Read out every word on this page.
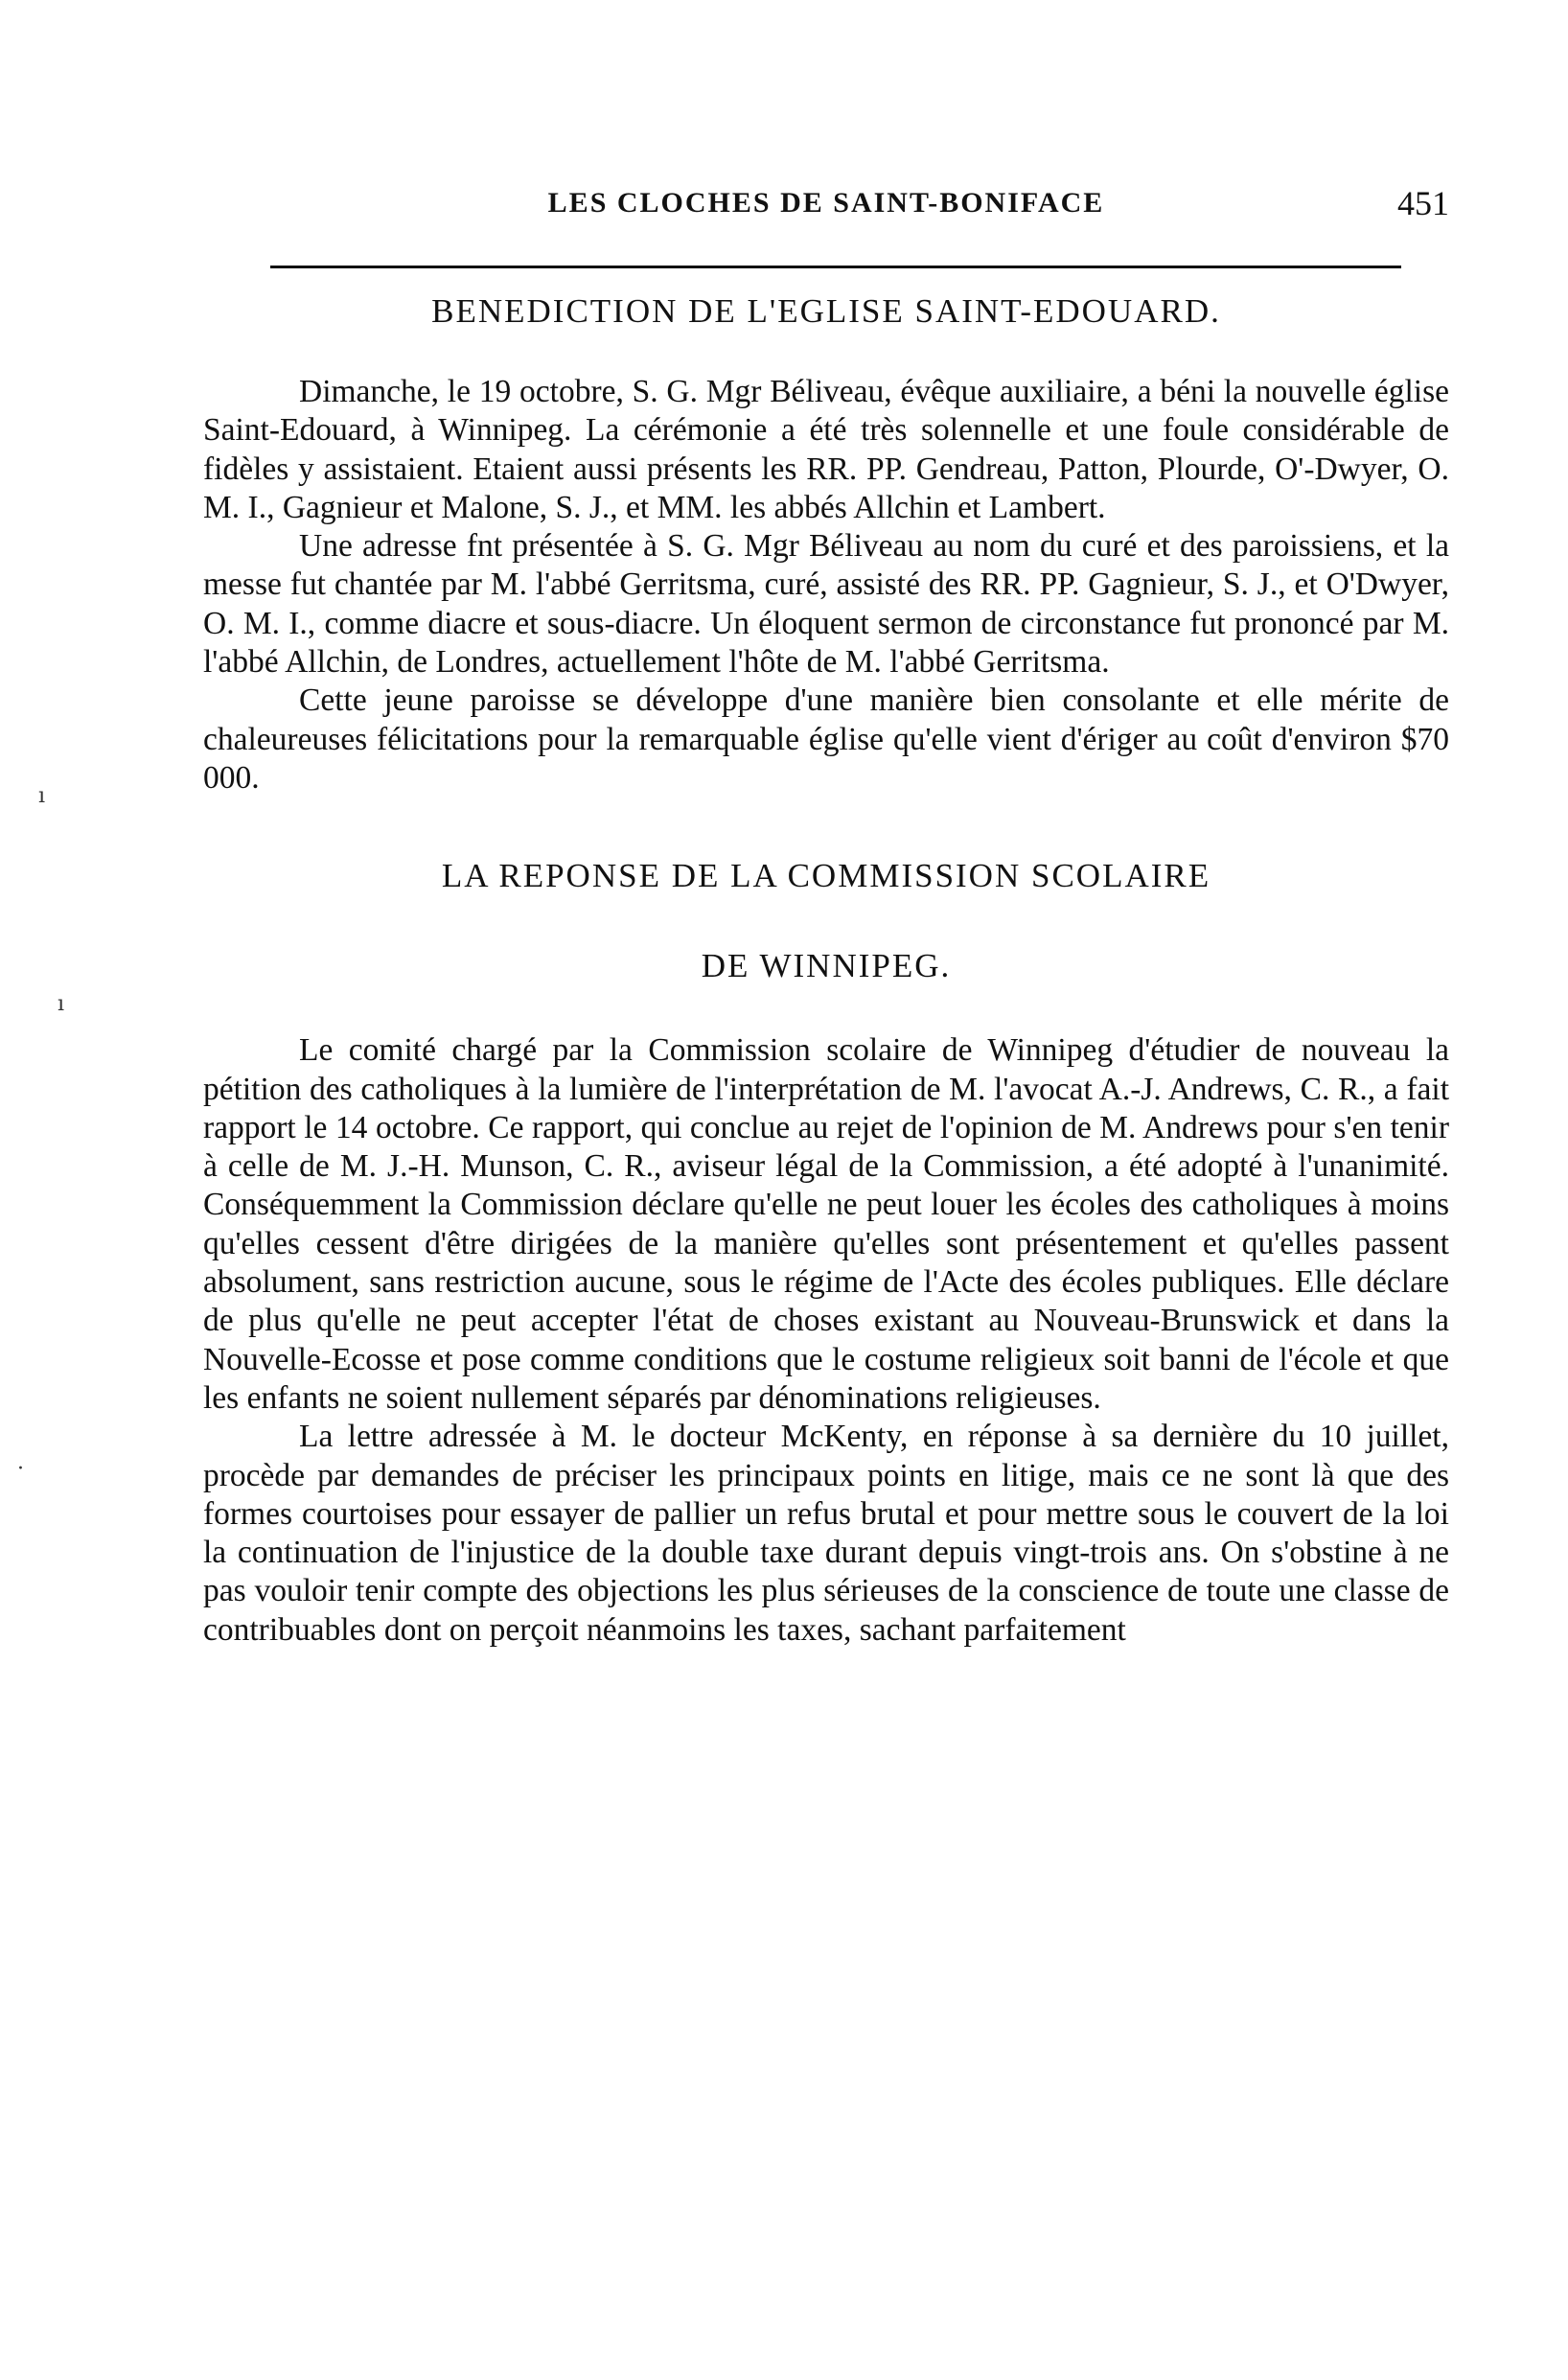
LES CLOCHES DE SAINT-BONIFACE	451
BENEDICTION DE L'EGLISE SAINT-EDOUARD.

Dimanche, le 19 octobre, S. G. Mgr Béliveau, évêque auxiliaire, a béni la nouvelle église Saint-Edouard, à Winnipeg. La cérémonie a été très solennelle et une foule considérable de fidèles y assistaient. Etaient aussi présents les RR. PP. Gendreau, Patton, Plourde, O'-Dwyer, O. M. I., Gagnieur et Malone, S. J., et MM. les abbés Allchin et Lambert.

Une adresse fnt présentée à S. G. Mgr Béliveau au nom du curé et des paroissiens, et la messe fut chantée par M. l'abbé Gerritsma, curé, assisté des RR. PP. Gagnieur, S. J., et O'Dwyer, O. M. I., comme diacre et sous-diacre. Un éloquent sermon de circonstance fut prononcé par M. l'abbé Allchin, de Londres, actuellement l'hôte de M. l'abbé Gerritsma.

Cette jeune paroisse se développe d'une manière bien consolante et elle mérite de chaleureuses félicitations pour la remarquable église qu'elle vient d'ériger au coût d'environ $70 000.

LA REPONSE DE LA COMMISSION SCOLAIRE
DE WINNIPEG.

Le comité chargé par la Commission scolaire de Winnipeg d'étudier de nouveau la pétition des catholiques à la lumière de l'interprétation de M. l'avocat A.-J. Andrews, C. R., a fait rapport le 14 octobre. Ce rapport, qui conclue au rejet de l'opinion de M. Andrews pour s'en tenir à celle de M. J.-H. Munson, C. R., aviseur légal de la Commission, a été adopté à l'unanimité. Conséquemment la Commission déclare qu'elle ne peut louer les écoles des catholiques à moins qu'elles cessent d'être dirigées de la manière qu'elles sont présentement et qu'elles passent absolument, sans restriction aucune, sous le régime de l'Acte des écoles publiques. Elle déclare de plus qu'elle ne peut accepter l'état de choses existant au Nouveau-Brunswick et dans la Nouvelle-Ecosse et pose comme conditions que le costume religieux soit banni de l'école et que les enfants ne soient nullement séparés par dénominations religieuses.

La lettre adressée à M. le docteur McKenty, en réponse à sa dernière du 10 juillet, procède par demandes de préciser les principaux points en litige, mais ce ne sont là que des formes courtoises pour essayer de pallier un refus brutal et pour mettre sous le couvert de la loi la continuation de l'injustice de la double taxe durant depuis vingt-trois ans. On s'obstine à ne pas vouloir tenir compte des objections les plus sérieuses de la conscience de toute une classe de contribuables dont on perçoit néanmoins les taxes, sachant parfaitement

ı
ı
·
